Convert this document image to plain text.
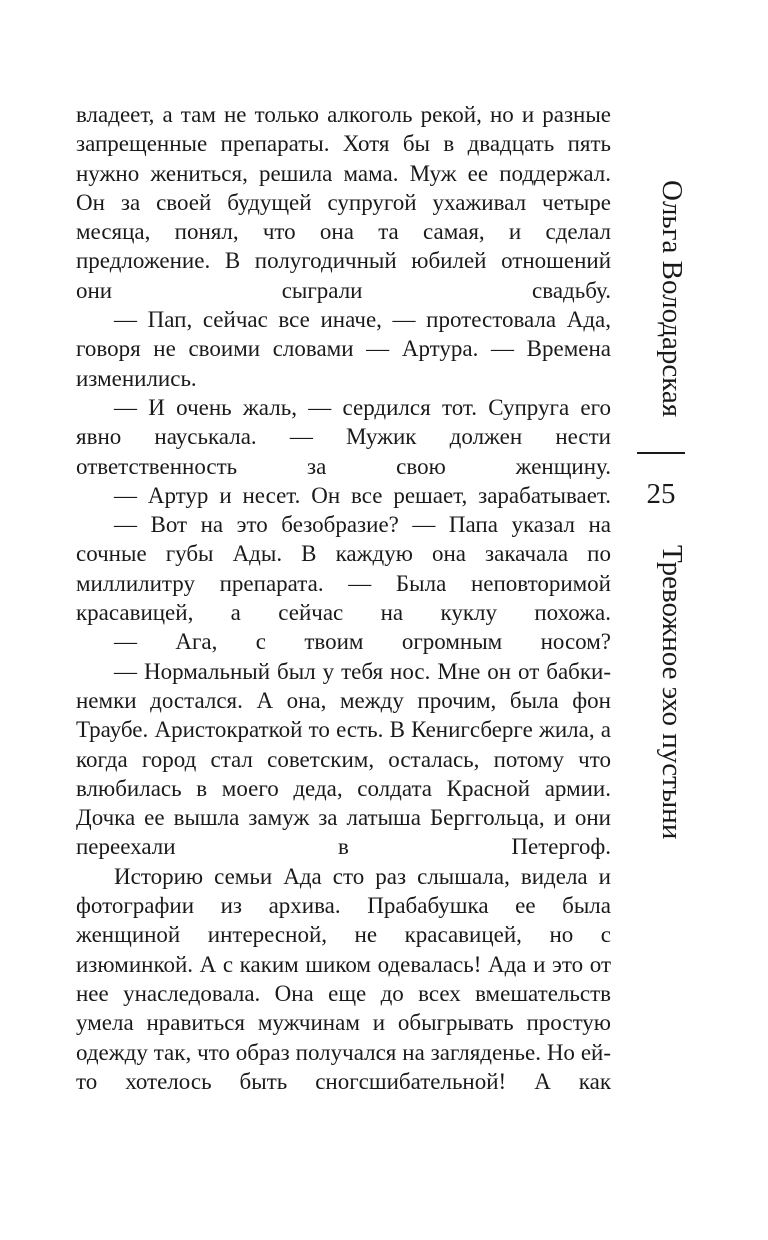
владеет, а там не только алкоголь рекой, но и разные запрещенные препараты. Хотя бы в двадцать пять нужно жениться, решила мама. Муж ее поддержал. Он за своей будущей супругой ухаживал четыре месяца, понял, что она та самая, и сделал предложение. В полугодичный юбилей отношений они сыграли свадьбу.

— Пап, сейчас все иначе, — протестовала Ада, говоря не своими словами — Артура. — Времена изменились.

— И очень жаль, — сердился тот. Супруга его явно науськала. — Мужик должен нести ответственность за свою женщину.

— Артур и несет. Он все решает, зарабатывает.

— Вот на это безобразие? — Папа указал на сочные губы Ады. В каждую она закачала по миллилитру препарата. — Была неповторимой красавицей, а сейчас на куклу похожа.

— Ага, с твоим огромным носом?

— Нормальный был у тебя нос. Мне он от бабки-немки достался. А она, между прочим, была фон Траубе. Аристократкой то есть. В Кенигсберге жила, а когда город стал советским, осталась, потому что влюбилась в моего деда, солдата Красной армии. Дочка ее вышла замуж за латыша Берггольца, и они переехали в Петергоф.

Историю семьи Ада сто раз слышала, видела и фотографии из архива. Прабабушка ее была женщиной интересной, не красавицей, но с изюминкой. А с каким шиком одевалась! Ада и это от нее унаследовала. Она еще до всех вмешательств умела нравиться мужчинам и обыгрывать простую одежду так, что образ получался на загляденье. Но ей-то хотелось быть сногсшибательной! А как

Ольга Володарская
Тревожное эхо пустыни
25
